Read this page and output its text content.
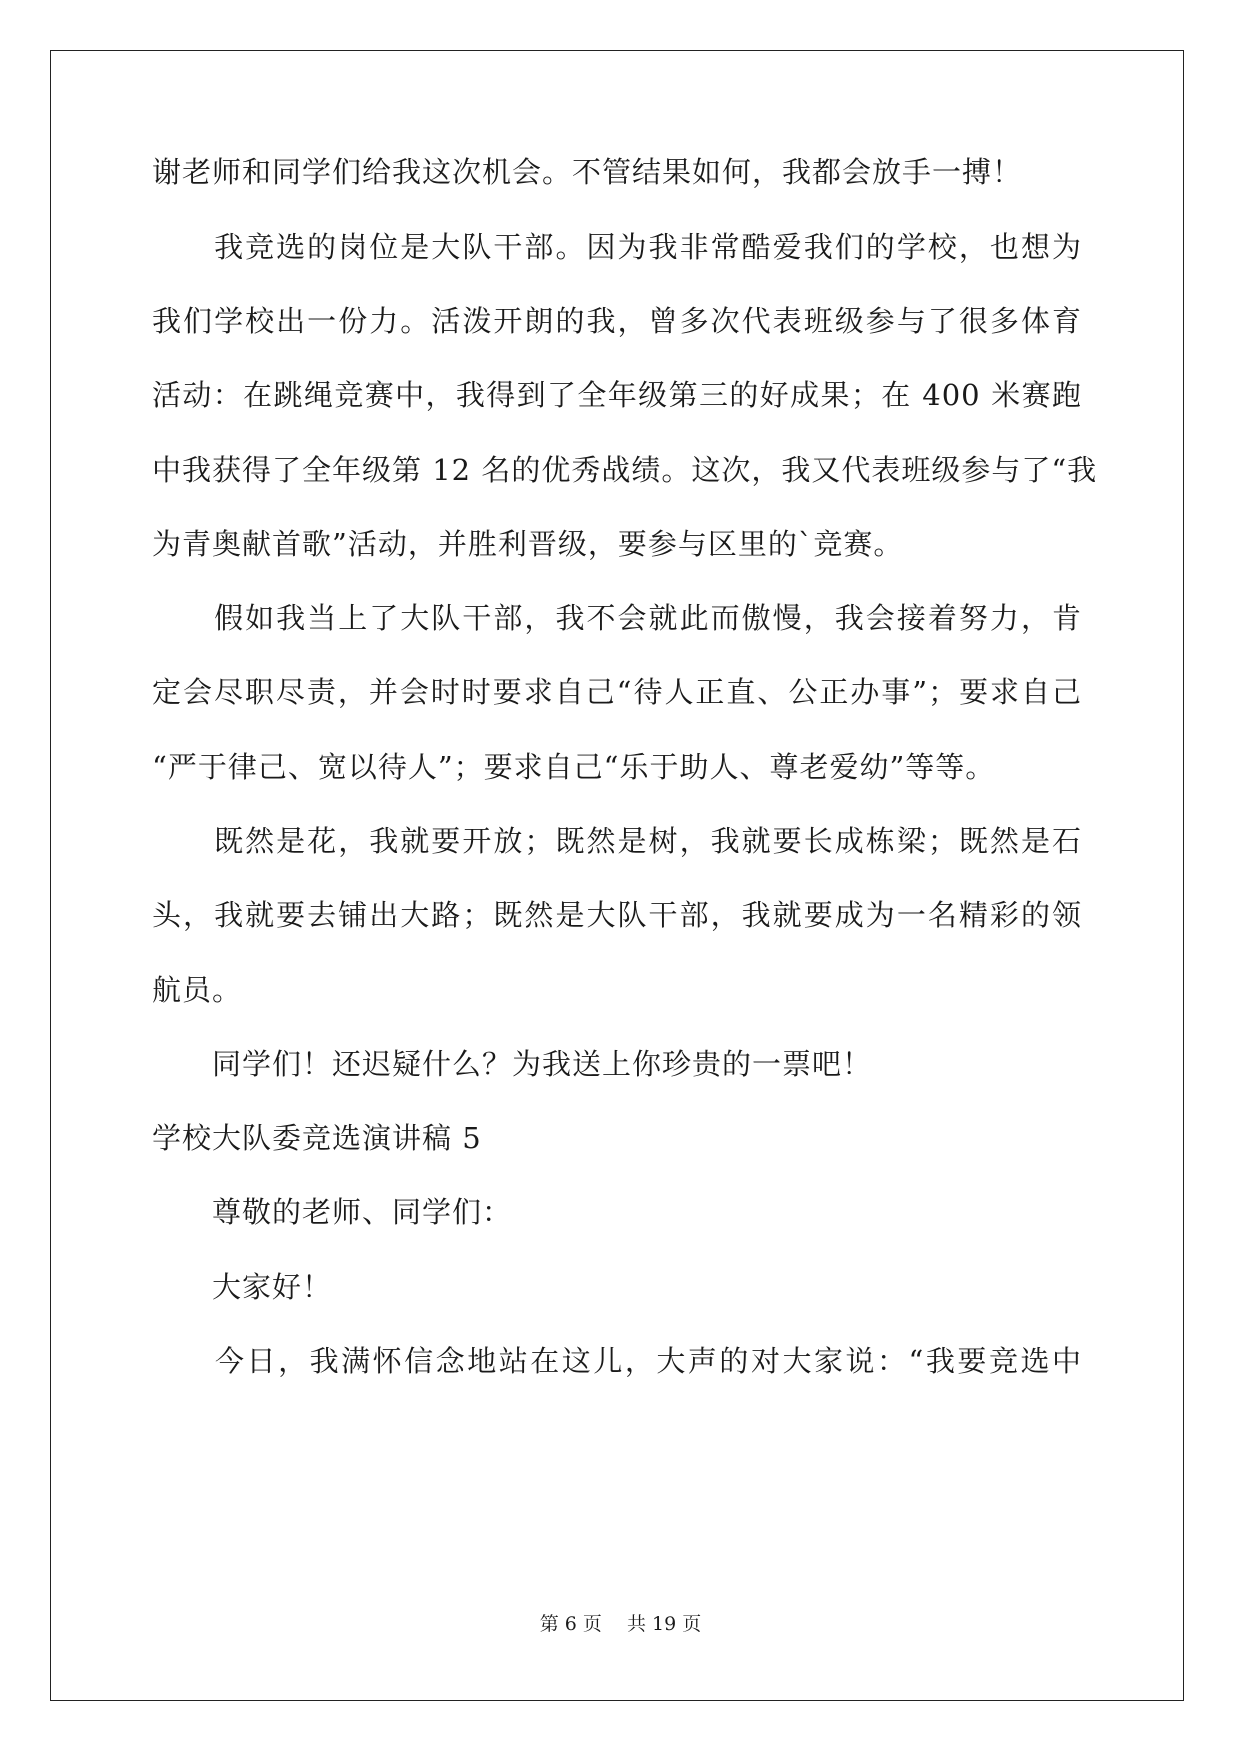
谢老师和同学们给我这次机会。不管结果如何，我都会放手一搏！
　　我竞选的岗位是大队干部。因为我非常酷爱我们的学校，也想为
我们学校出一份力。活泼开朗的我，曾多次代表班级参与了很多体育
活动：在跳绳竞赛中，我得到了全年级第三的好成果；在 400 米赛跑
中我获得了全年级第 12 名的优秀战绩。这次，我又代表班级参与了“我
为青奥献首歌”活动，并胜利晋级，要参与区里的`竞赛。
　　假如我当上了大队干部，我不会就此而傲慢，我会接着努力，肯
定会尽职尽责，并会时时要求自己“待人正直、公正办事”；要求自己
“严于律己、宽以待人”；要求自己“乐于助人、尊老爱幼”等等。
　　既然是花，我就要开放；既然是树，我就要长成栋梁；既然是石
头，我就要去铺出大路；既然是大队干部，我就要成为一名精彩的领
航员。
　　同学们！还迟疑什么？为我送上你珍贵的一票吧！
学校大队委竞选演讲稿 5
　　尊敬的老师、同学们：
　　大家好！
　　今日，我满怀信念地站在这儿，大声的对大家说：“我要竞选中
第 6 页　 共 19 页
